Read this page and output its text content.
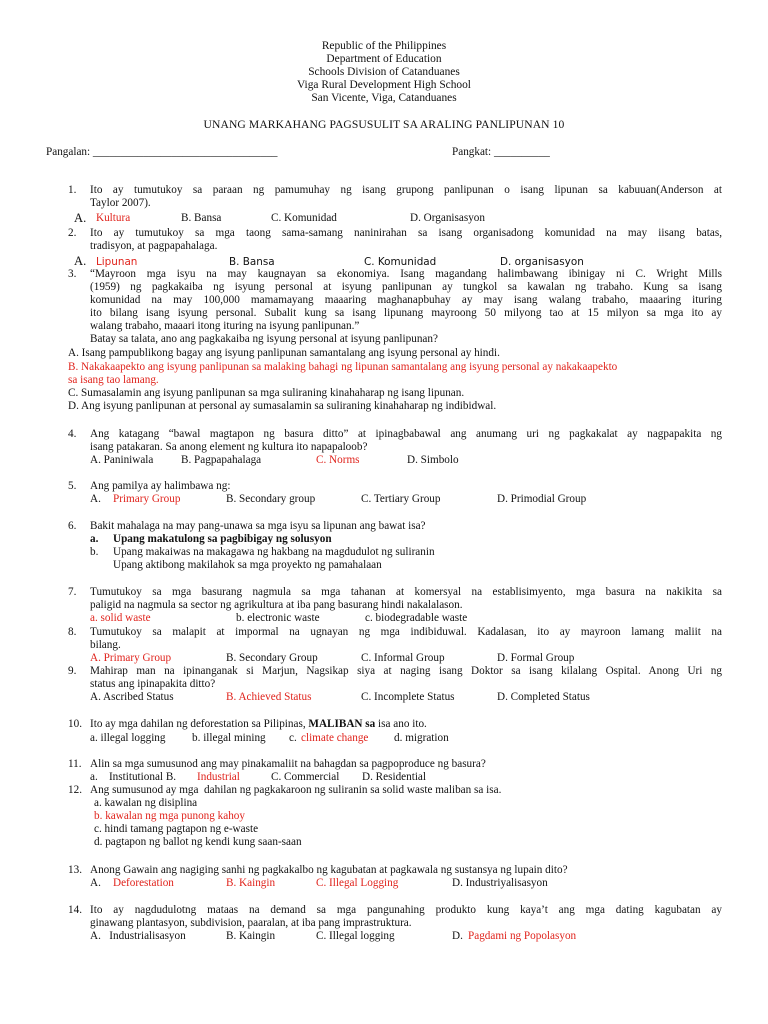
Republic of the Philippines
Department of Education
Schools Division of Catanduanes
Viga Rural Development High School
San Vicente, Viga, Catanduanes
UNANG MARKAHANG PAGSUSULIT SA ARALING PANLIPUNAN 10
Pangalan: _________________________________	Pangkat: __________
1. Ito ay tumutukoy sa paraan ng pamumuhay ng isang grupong panlipunan o isang lipunan sa kabuuan(Anderson at
Taylor 2007).
A. Kultura	B. Bansa	C. Komunidad	D. Organisasyon
2. Ito ay tumutukoy sa mga taong sama-samang naninirahan sa isang organisadong komunidad na may iisang batas,
tradisyon, at pagpapahalaga.
A. Lipunan	B. Bansa	C. Komunidad	D. organisasyon
3. “Mayroon mga isyu na may kaugnayan sa ekonomiya. Isang magandang halimbawang ibinigay ni C. Wright Mills
(1959) ng pagkakaiba ng isyung personal at isyung panlipunan ay tungkol sa kawalan ng trabaho. Kung sa isang
komunidad na may 100,000 mamamayang maaaring maghanapbuhay ay may isang walang trabaho, maaaring ituring
ito bilang isang isyung personal. Subalit kung sa isang lipunang mayroong 50 milyong tao at 15 milyon sa mga ito ay
walang trabaho, maaari itong ituring na isyung panlipunan.”
Batay sa talata, ano ang pagkakaiba ng isyung personal at isyung panlipunan?
A. Isang pampublikong bagay ang isyung panlipunan samantalang ang isyung personal ay hindi.
B. Nakakaapekto ang isyung panlipunan sa malaking bahagi ng lipunan samantalang ang isyung personal ay nakakaapekto
sa isang tao lamang.
C. Sumasalamin ang isyung panlipunan sa mga suliraning kinahaharap ng isang lipunan.
D. Ang isyung panlipunan at personal ay sumasalamin sa suliraning kinahaharap ng indibidwal.
4. Ang katagang “bawal magtapon ng basura ditto” at ipinagbabawal ang anumang uri ng pagkakalat ay nagpapakita ng
isang patakaran. Sa anong element ng kultura ito napapaloob?
A. Paniniwala B. Pagpapahalaga	C. Norms	D. Simbolo
5. Ang pamilya ay halimbawa ng:
A. Primary Group	B. Secondary group	C. Tertiary Group	D. Primodial Group
6. Bakit mahalaga na may pang-unawa sa mga isyu sa lipunan ang bawat isa?
a. Upang makatulong sa pagbibigay ng solusyon
b. Upang makaiwas na makagawa ng hakbang na magdudulot ng suliranin
Upang aktibong makilahok sa mga proyekto ng pamahalaan
7. Tumutukoy sa mga basurang nagmula sa mga tahanan at komersyal na establisimyento, mga basura na nakikita sa
paligid na nagmula sa sector ng agrikultura at iba pang basurang hindi nakalalason.
a. solid waste	b. electronic waste	c. biodegradable waste
8. Tumutukoy sa malapit at impormal na ugnayan ng mga indibiduwal. Kadalasan, ito ay mayroon lamang maliit na
bilang.
A. Primary Group	B. Secondary Group	C. Informal Group	D. Formal Group
9. Mahirap man na ipinanganak si Marjun, Nagsikap siya at naging isang Doktor sa isang kilalang Ospital. Anong Uri ng
status ang ipinapakita ditto?
A. Ascribed Status	B. Achieved Status	C. Incomplete Status	D. Completed Status
10. Ito ay mga dahilan ng deforestation sa Pilipinas, MALIBAN sa isa ano ito.
a. illegal logging b. illegal mining c. climate change d. migration
11. Alin sa mga sumusunod ang may pinakamaliit na bahagdan sa pagpoproduce ng basura?
a.    Institutional B. Industrial	C. Commercial D. Residential
12. Ang sumusunod ay mga  dahilan ng pagkakaroon ng suliranin sa solid waste maliban sa isa.
a. kawalan ng disiplina
b. kawalan ng mga punong kahoy
c. hindi tamang pagtapon ng e-waste
d. pagtapon ng ballot ng kendi kung saan-saan
13. Anong Gawain ang nagiging sanhi ng pagkakalbo ng kagubatan at pagkawala ng sustansya ng lupain dito?
A. Deforestation	B. Kaingin	C. Illegal Logging	D. Industriyalisasyon
14. Ito ay nagdudulotng mataas na demand sa mga pangunahing produkto kung kaya’t ang mga dating kagubatan ay
ginawang plantasyon, subdivision, paaralan, at iba pang imprastruktura.
A.   Industrialisasyon	B. Kaingin	C. Illegal logging	D. Pagdami ng Popolasyon
